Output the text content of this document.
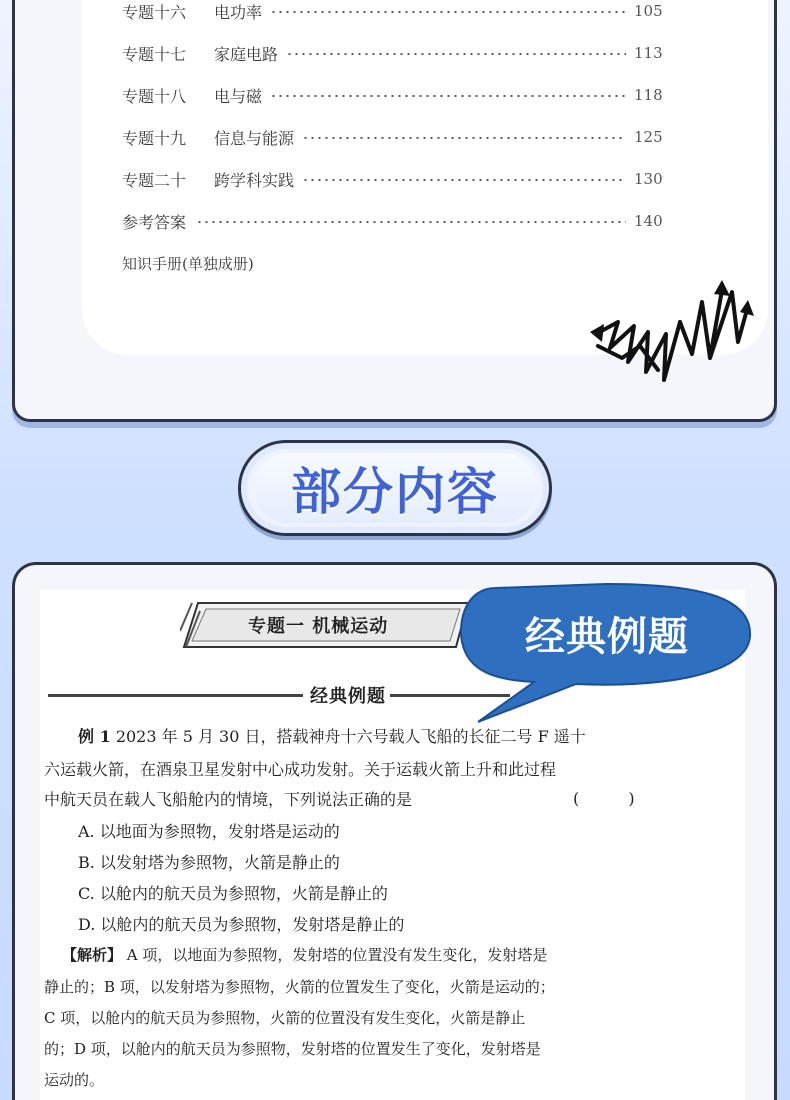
专题十六	电功率	105
专题十七	家庭电路	113
专题十八	电与磁	118
专题十九	信息与能源	125
专题二十	跨学科实践	130
参考答案	140
知识手册(单独成册)
部分内容
专题一 机械运动	经典例题
经典例题
例 1 2023 年 5 月 30 日，搭载神舟十六号载人飞船的长征二号 F 遥十
六运载火箭，在酒泉卫星发射中心成功发射。关于运载火箭上升和此过程
中航天员在载人飞船舱内的情境，下列说法正确的是	( )
A. 以地面为参照物，发射塔是运动的
B. 以发射塔为参照物，火箭是静止的
C. 以舱内的航天员为参照物，火箭是静止的
D. 以舱内的航天员为参照物，发射塔是静止的
【解析】 A 项，以地面为参照物，发射塔的位置没有发生变化，发射塔是
静止的；B 项，以发射塔为参照物，火箭的位置发生了变化，火箭是运动的；
C 项，以舱内的航天员为参照物，火箭的位置没有发生变化，火箭是静止
的；D 项，以舱内的航天员为参照物，发射塔的位置发生了变化，发射塔是
运动的。
